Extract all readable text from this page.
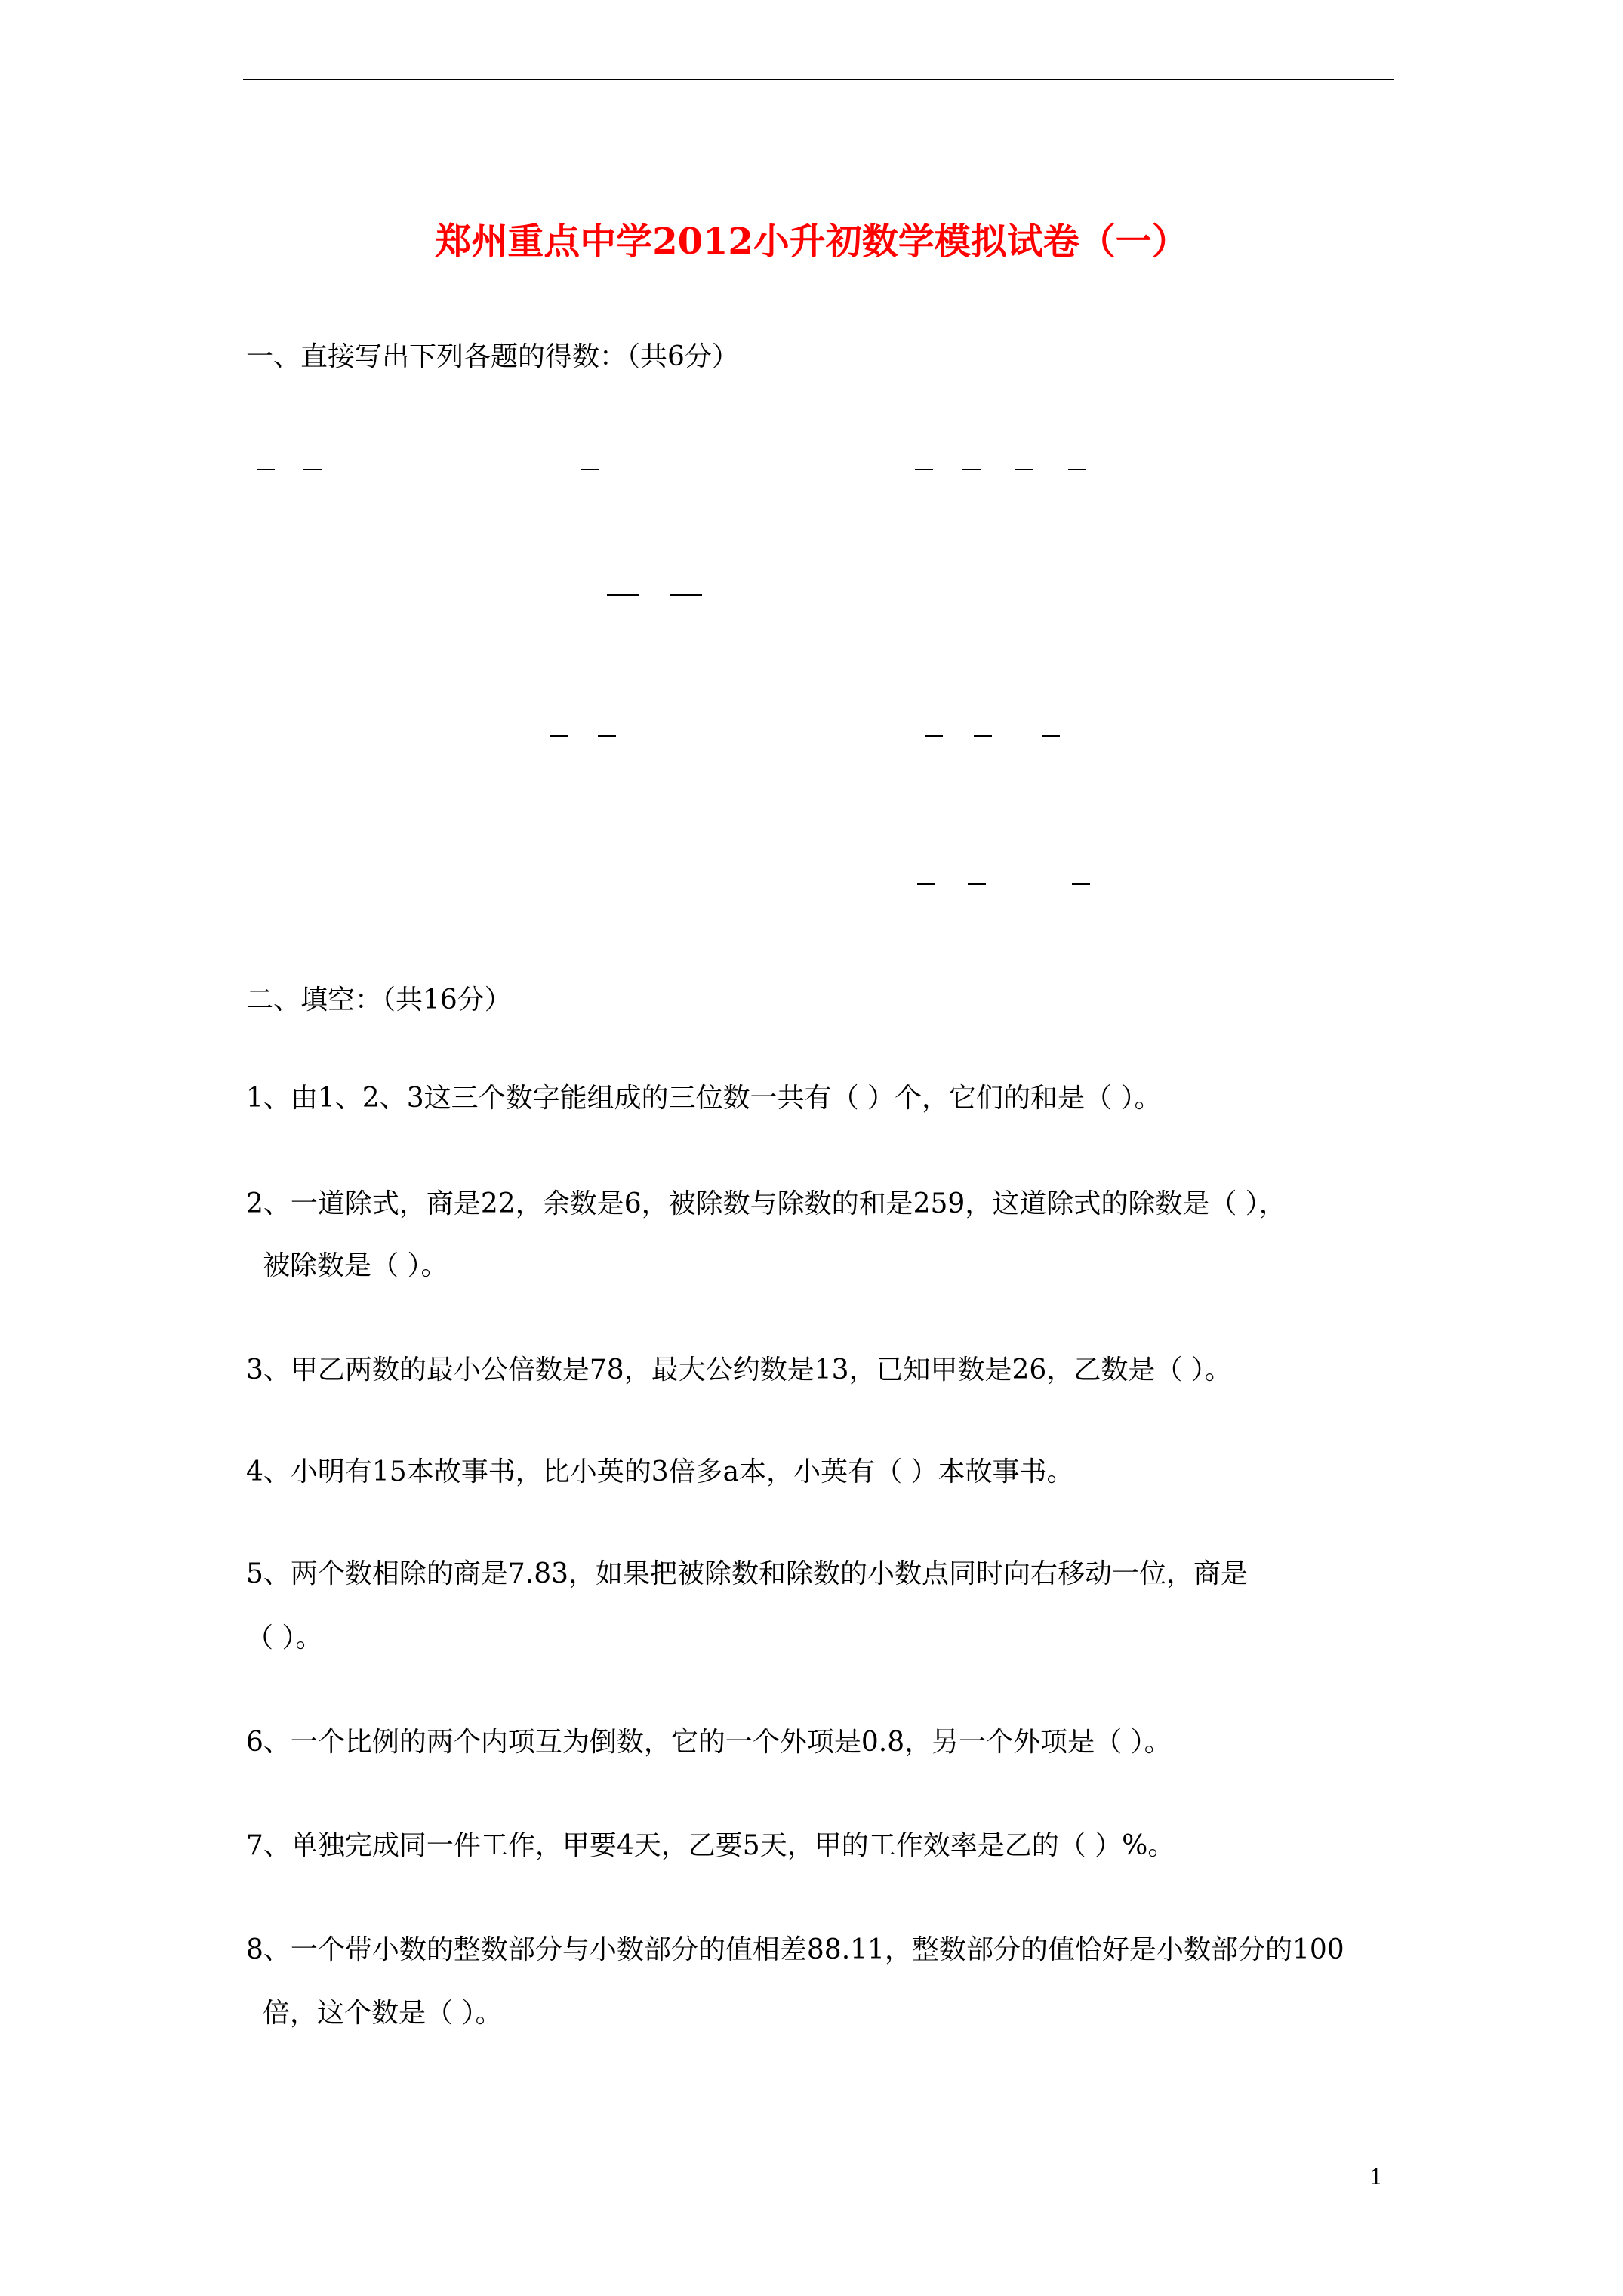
郑州重点中学2012小升初数学模拟试卷（一）
一、直接写出下列各题的得数：（共6分）
二、填空：（共16分）
1、由1、2、3这三个数字能组成的三位数一共有（ ）个，它们的和是（ ）。
2、一道除式，商是22，余数是6，被除数与除数的和是259，这道除式的除数是（ ），
被除数是（ ）。
3、甲乙两数的最小公倍数是78，最大公约数是13，已知甲数是26，乙数是（ ）。
4、小明有15本故事书，比小英的3倍多a本，小英有（ ）本故事书。
5、两个数相除的商是7.83，如果把被除数和除数的小数点同时向右移动一位，商是
（ ）。
6、一个比例的两个内项互为倒数，它的一个外项是0.8，另一个外项是（ ）。
7、单独完成同一件工作，甲要4天，乙要5天，甲的工作效率是乙的（ ）%。
8、一个带小数的整数部分与小数部分的值相差88.11，整数部分的值恰好是小数部分的100
倍，这个数是（ ）。
1
